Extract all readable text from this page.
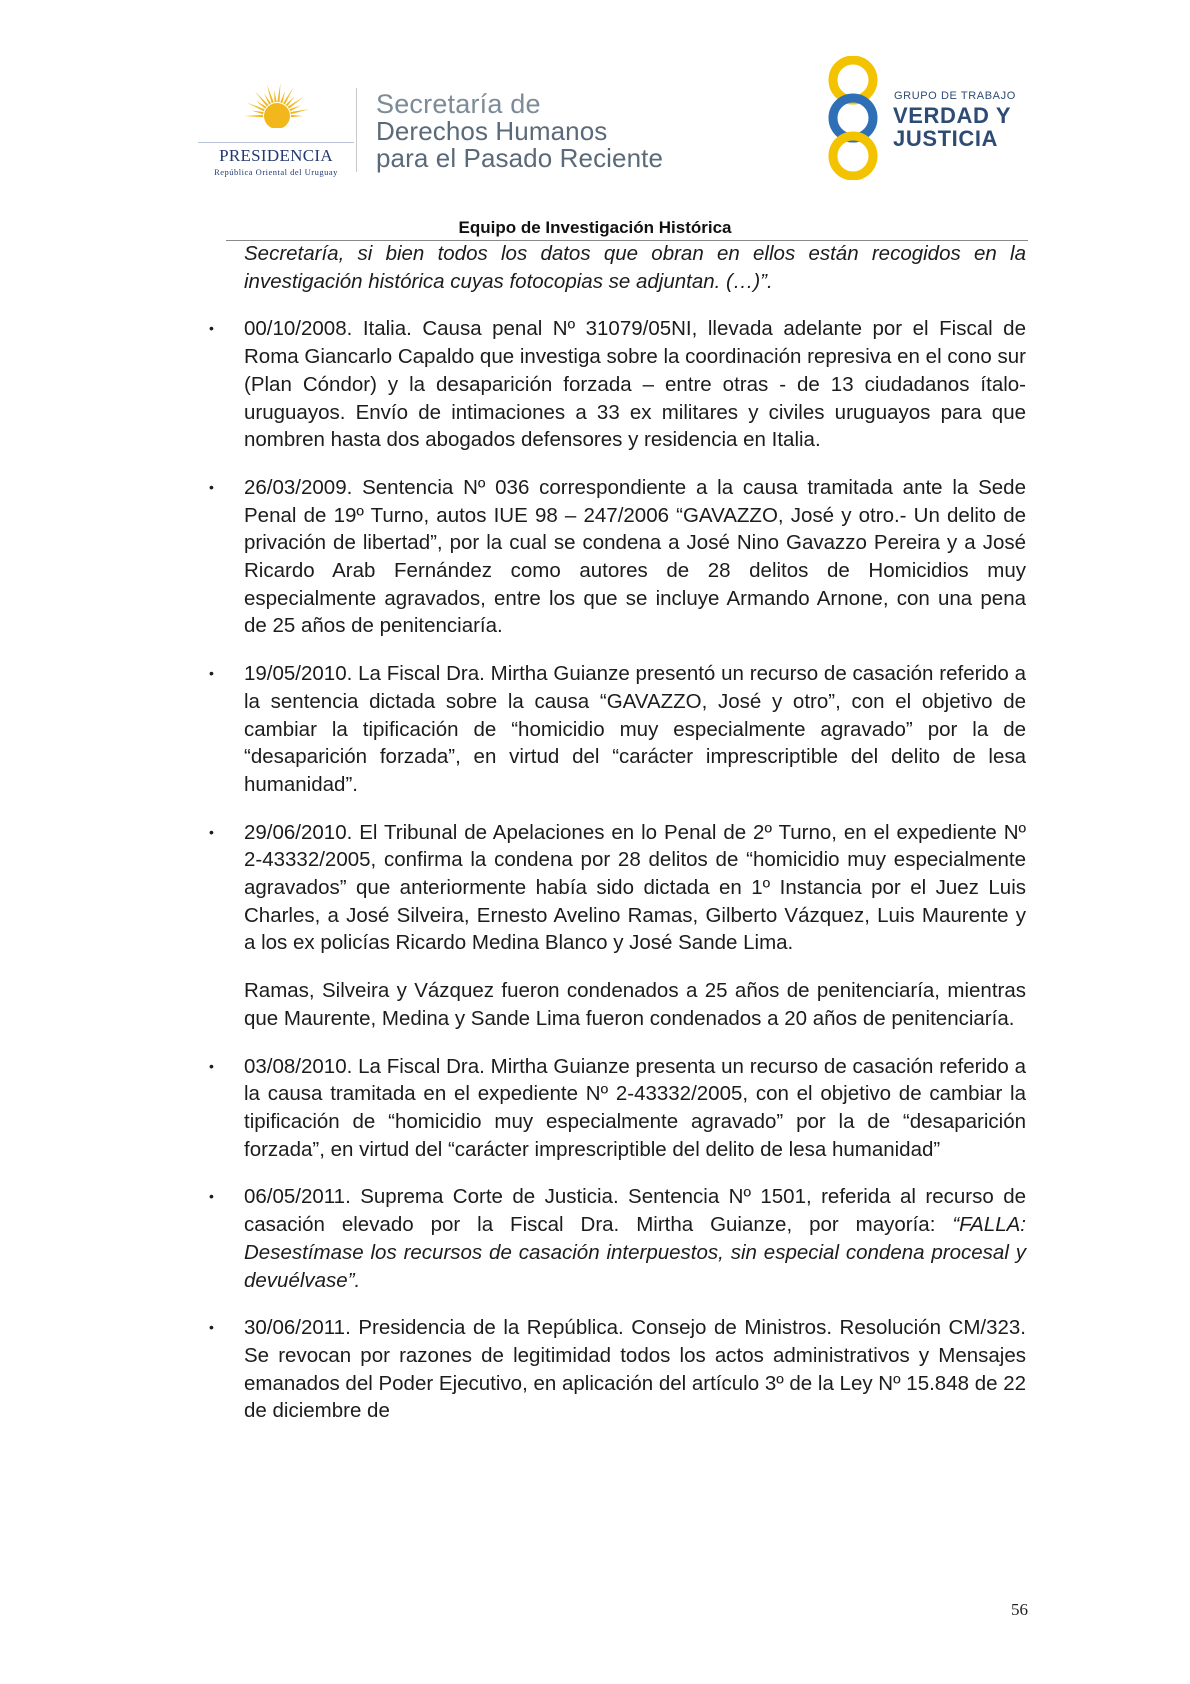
PRESIDENCIA
República Oriental del Uruguay
Secretaría de
Derechos Humanos
para el Pasado Reciente
GRUPO DE TRABAJO
VERDAD Y
JUSTICIA
Equipo de Investigación Histórica

Secretaría, si bien todos los datos que obran en ellos están recogidos en la investigación histórica cuyas fotocopias se adjuntan. (…)”.

• 00/10/2008. Italia. Causa penal Nº 31079/05NI, llevada adelante por el Fiscal de Roma Giancarlo Capaldo que investiga sobre la coordinación represiva en el cono sur (Plan Cóndor) y la desaparición forzada – entre otras - de 13 ciudadanos ítalo-uruguayos. Envío de intimaciones a 33 ex militares y civiles uruguayos para que nombren hasta dos abogados defensores y residencia en Italia.

• 26/03/2009. Sentencia Nº 036 correspondiente a la causa tramitada ante la Sede Penal de 19º Turno, autos IUE 98 – 247/2006 “GAVAZZO, José y otro.- Un delito de privación de libertad”, por la cual se condena a José Nino Gavazzo Pereira y a José Ricardo Arab Fernández como autores de 28 delitos de Homicidios muy especialmente agravados, entre los que se incluye Armando Arnone, con una pena de 25 años de penitenciaría.

• 19/05/2010. La Fiscal Dra. Mirtha Guianze presentó un recurso de casación referido a la sentencia dictada sobre la causa “GAVAZZO, José y otro”, con el objetivo de cambiar la tipificación de “homicidio muy especialmente agravado” por la de “desaparición forzada”, en virtud del “carácter imprescriptible del delito de lesa humanidad”.

• 29/06/2010. El Tribunal de Apelaciones en lo Penal de 2º Turno, en el expediente Nº 2-43332/2005, confirma la condena por 28 delitos de “homicidio muy especialmente agravados” que anteriormente había sido dictada en 1º Instancia por el Juez Luis Charles, a José Silveira, Ernesto Avelino Ramas, Gilberto Vázquez, Luis Maurente y a los ex policías Ricardo Medina Blanco y José Sande Lima.

Ramas, Silveira y Vázquez fueron condenados a 25 años de penitenciaría, mientras que Maurente, Medina y Sande Lima fueron condenados a 20 años de penitenciaría.

• 03/08/2010. La Fiscal Dra. Mirtha Guianze presenta un recurso de casación referido a la causa tramitada en el expediente Nº 2-43332/2005, con el objetivo de cambiar la tipificación de “homicidio muy especialmente agravado” por la de “desaparición forzada”, en virtud del “carácter imprescriptible del delito de lesa humanidad”

• 06/05/2011. Suprema Corte de Justicia. Sentencia Nº 1501, referida al recurso de casación elevado por la Fiscal Dra. Mirtha Guianze, por mayoría: “FALLA: Desestímase los recursos de casación interpuestos, sin especial condena procesal y devuélvase”.

• 30/06/2011. Presidencia de la República. Consejo de Ministros. Resolución CM/323. Se revocan por razones de legitimidad todos los actos administrativos y Mensajes emanados del Poder Ejecutivo, en aplicación del artículo 3º de la Ley Nº 15.848 de 22 de diciembre de

56
